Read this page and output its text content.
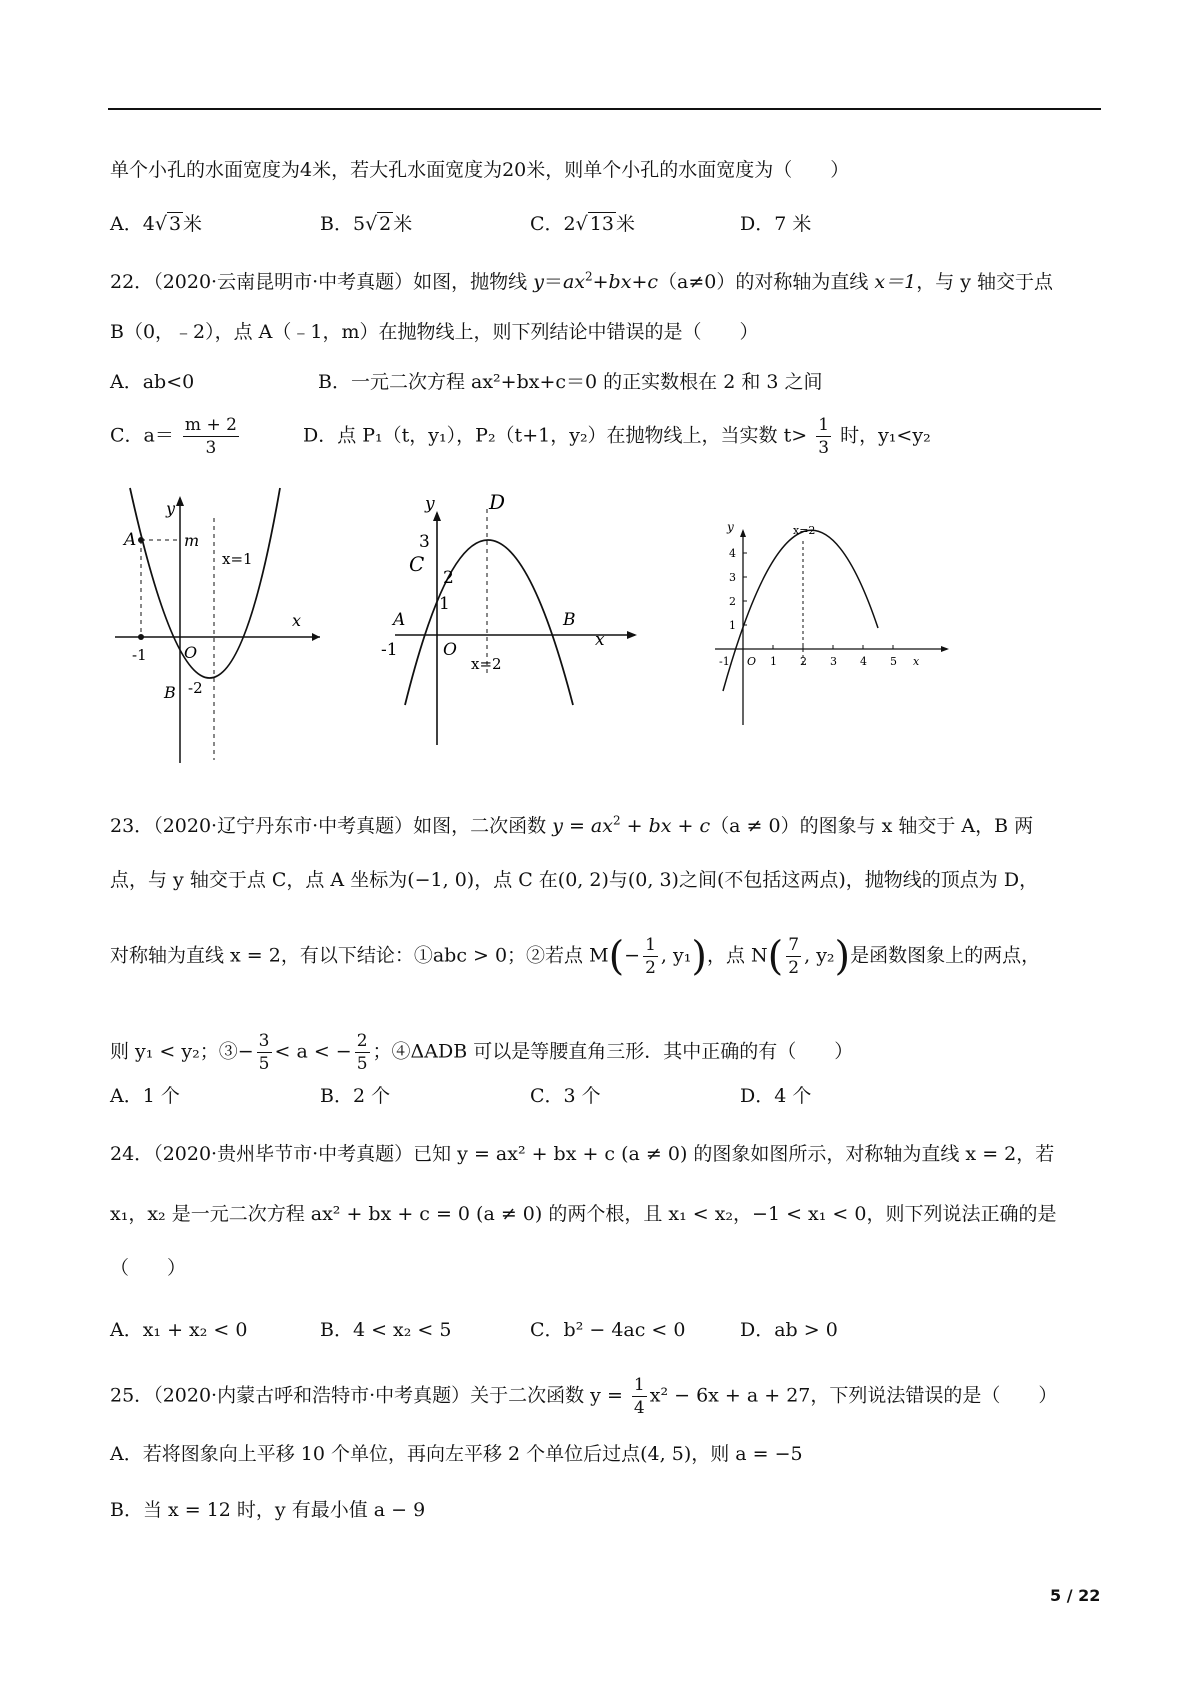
单个小孔的水面宽度为4米，若大孔水面宽度为20米，则单个小孔的水面宽度为（　　）
A．4√ 3 米	B．5√ 2 米	C．2√ 13 米	D．7 米
22．（2020·云南昆明市·中考真题）如图，抛物线 $y=ax^2+bx+c(a\ne 0)$的对称轴为直线 x＝1，与 y 轴交于点
B（0，﹣2），点 A（﹣1，m）在抛物线上，则下列结论中错误的是（　　）
A．ab<0	B．一元二次方程 ax²+bx+c＝0 的正实数根在 2 和 3 之间
C．$a= \frac{m + 2}{3}$	D．点 P₁（t，y₁），P₂（t+1，y₂）在抛物线上，当实数 $t> \frac{1}{3}$ 时，y₁<y₂
A	m
y
x
x=1
-1 O
B -2
y	D
3
C
2
1
A	B
-1	O	x
x=2
y	x=2
4
3
2
1
-1 O 1 2 3 4 5 x
23．（2020·辽宁丹东市·中考真题）如图，二次函数 $y = ax^2$ + bx + c（a ≠ 0）的图象与 x 轴交于 A，B 两
点，与 y 轴交于点 C，点 A 坐标为(−1, 0)，点 C 在(0, 2)与(0, 3)之间(不包括这两点)，抛物线的顶点为 D，
对称轴为直线 x = 2，有以下结论：①abc > 0；②若点 $M(- \frac{1}{2}$ , y₁)，点 $N( \frac{7}{2}$ , y₂)是函数图象上的两点，
则 y₁ < y₂；③− $\frac{3}{5} < a$ < − $\frac{2}{5}$ ；④ΔADB 可以是等腰直角三形．其中正确的有（　　）
A．1 个	B．2 个	C．3 个	D．4 个
24．（2020·贵州毕节市·中考真题）已知 y = ax² + bx + c (a ≠ 0) 的图象如图所示，对称轴为直线 x = 2，若
x₁，x₂ 是一元二次方程 ax² + bx + c = 0 (a ≠ 0) 的两个根，且 x₁ < x₂，−1 < x₁ < 0，则下列说法正确的是
（　　）
A．x₁ + x₂ < 0	B．4 < x₂ < 5	C．b² − 4ac < 0	D．ab > 0
25．（2020·内蒙古呼和浩特市·中考真题）关于二次函数 $y = \frac{1}{4} x^2 - 6x + a + 27$，下列说法错误的是（　　）
A．若将图象向上平移 10 个单位，再向左平移 2 个单位后过点(4, 5)，则 a = −5
B．当 x = 12 时，y 有最小值 a − 9
5 / 22
